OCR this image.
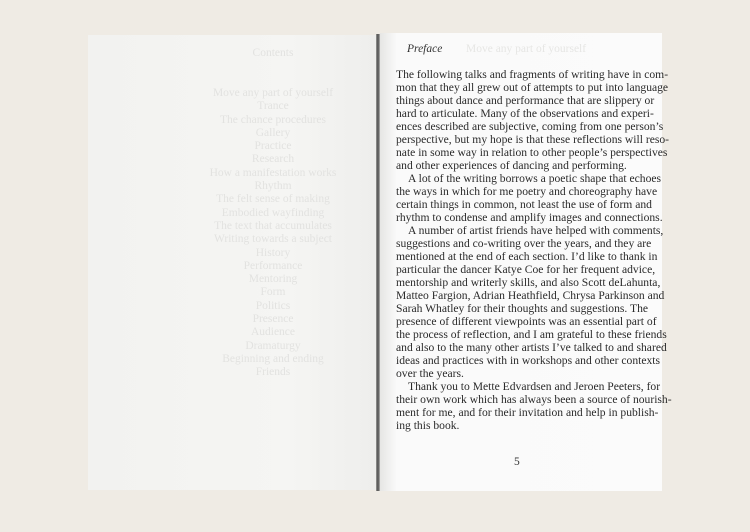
Contents
Move any part of yourself
Trance
The chance procedures
Gallery
Practice
Research
How a manifestation works
Rhythm
The felt sense of making
Embodied wayfinding
The text that accumulates
Writing towards a subject
History
Performance
Mentoring
Form
Politics
Presence
Audience
Dramaturgy
Beginning and ending
Friends
Move any part of yourself
Preface
The following talks and fragments of writing have in com-
mon that they all grew out of attempts to put into language
things about dance and performance that are slippery or
hard to articulate. Many of the observations and experi-
ences described are subjective, coming from one person’s
perspective, but my hope is that these reflections will reso-
nate in some way in relation to other people’s perspectives
and other experiences of dancing and performing.
A lot of the writing borrows a poetic shape that echoes
the ways in which for me poetry and choreography have
certain things in common, not least the use of form and
rhythm to condense and amplify images and connections.
A number of artist friends have helped with comments,
suggestions and co-writing over the years, and they are
mentioned at the end of each section. I’d like to thank in
particular the dancer Katye Coe for her frequent advice,
mentorship and writerly skills, and also Scott deLahunta,
Matteo Fargion, Adrian Heathfield, Chrysa Parkinson and
Sarah Whatley for their thoughts and suggestions. The
presence of different viewpoints was an essential part of
the process of reflection, and I am grateful to these friends
and also to the many other artists I’ve talked to and shared
ideas and practices with in workshops and other contexts
over the years.
Thank you to Mette Edvardsen and Jeroen Peeters, for
their own work which has always been a source of nourish-
ment for me, and for their invitation and help in publish-
ing this book.
5
